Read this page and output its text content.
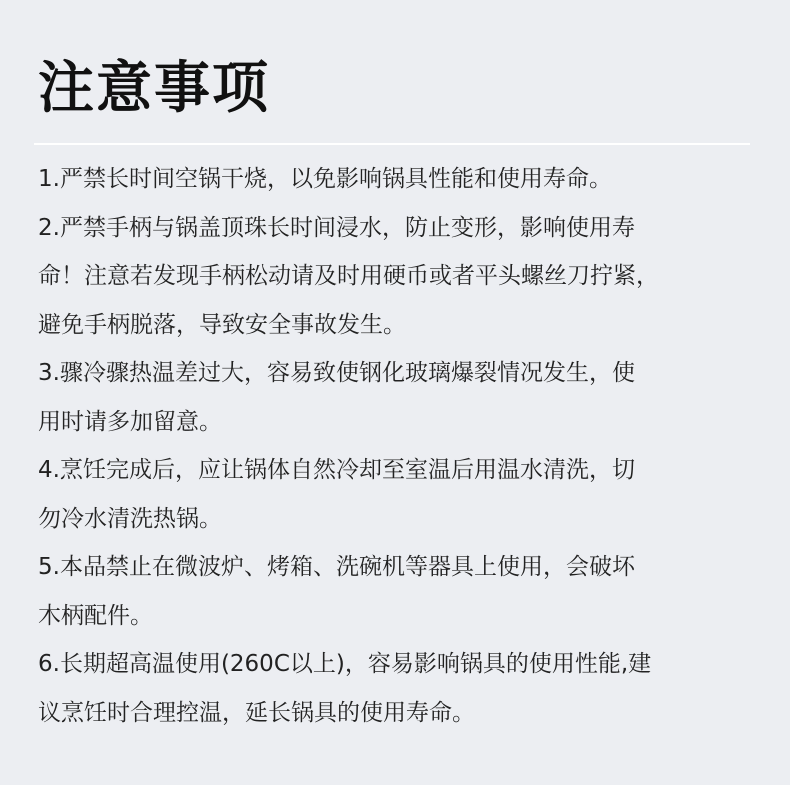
注意事项
1.严禁长时间空锅干烧，以免影响锅具性能和使用寿命。
2.严禁手柄与锅盖顶珠长时间浸水，防止变形，影响使用寿
命！注意若发现手柄松动请及时用硬币或者平头螺丝刀拧紧，
避免手柄脱落，导致安全事故发生。
3.骤冷骤热温差过大，容易致使钢化玻璃爆裂情况发生，使
用时请多加留意。
4.烹饪完成后，应让锅体自然冷却至室温后用温水清洗，切
勿冷水清洗热锅。
5.本品禁止在微波炉、烤箱、洗碗机等器具上使用，会破坏
木柄配件。
6.长期超高温使用(260C以上)，容易影响锅具的使用性能,建
议烹饪时合理控温，延长锅具的使用寿命。
